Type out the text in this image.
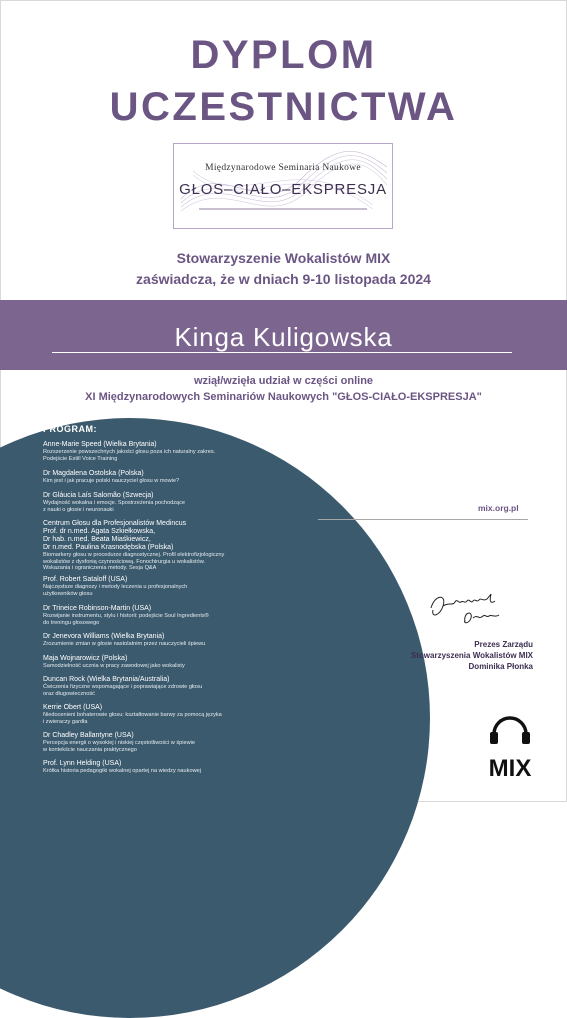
DYPLOM
UCZESTNICTWA
Międzynarodowe Seminaria Naukowe
GŁOS–CIAŁO–EKSPRESJA
Stowarzyszenie Wokalistów MIX
zaświadcza, że w dniach 9-10 listopada 2024
Kinga Kuligowska
wziął/wzięła udział w części online
XI Międzynarodowych Seminariów Naukowych "GŁOS-CIAŁO-EKSPRESJA"
PROGRAM:
Anne-Marie Speed (Wielka Brytania)
Rozszerzenie powszechnych jakości głosu poza ich naturalny zakres.
Podejście Estill Voice Training
Dr Magdalena Ostolska (Polska)
Kim jest i jak pracuje polski nauczyciel głosu w mowie?
Dr Gláucia Laís Salomão (Szwecja)
Wydajność wokalna i emocje. Spostrzeżenia pochodzące
z nauki o głosie i neuronauki
Centrum Głosu dla Profesjonalistów Medincus
Prof. dr n.med. Agata Szkiełkowska,
Dr hab. n.med. Beata Miaśkiewicz,
Dr n.med. Paulina Krasnodębska (Polska)
Biomarkery głosu w procedurze diagnostycznej. Profil elektrofizjologiczny
wokalistów z dysfonią czynnościową. Fonochirurgia u wokalistów.
Wskazania i ograniczenia metody. Sesja Q&A
Prof. Robert Sataloff (USA)
Najczęstsze diagnozy i metody leczenia u profesjonalnych
użytkowników głosu
Dr Trineice Robinson-Martin (USA)
Rozwijanie instrumentu, stylu i historii: podejście Soul Ingredients®
do treningu głosowego
Dr Jenevora Williams (Wielka Brytania)
Zrozumienie zmian w głosie nastolatnim przez nauczycieli śpiewu
Maja Wojnarowicz (Polska)
Samodzielność ucznia w pracy zawodowej jako wokalisty
Duncan Rock (Wielka Brytania/Australia)
Ćwiczenia fizyczne wspomagające i poprawiające zdrowie głosu
oraz długowieczność
Kerrie Obert (USA)
Niedocenieni bohaterowie głosu: kształtowanie barwy za pomocą języka
i zwieraczy gardła
Dr Chadley Ballantyne (USA)
Percepcja energii o wysokiej i niskiej częstotliwości w śpiewie
w kontekście nauczania praktycznego
Prof. Lynn Helding (USA)
Krótka historia pedagogiki wokalnej opartej na wiedzy naukowej
mix.org.pl
Prezes Zarządu
Stowarzyszenia Wokalistów MIX
Dominika Płonka
MIX
